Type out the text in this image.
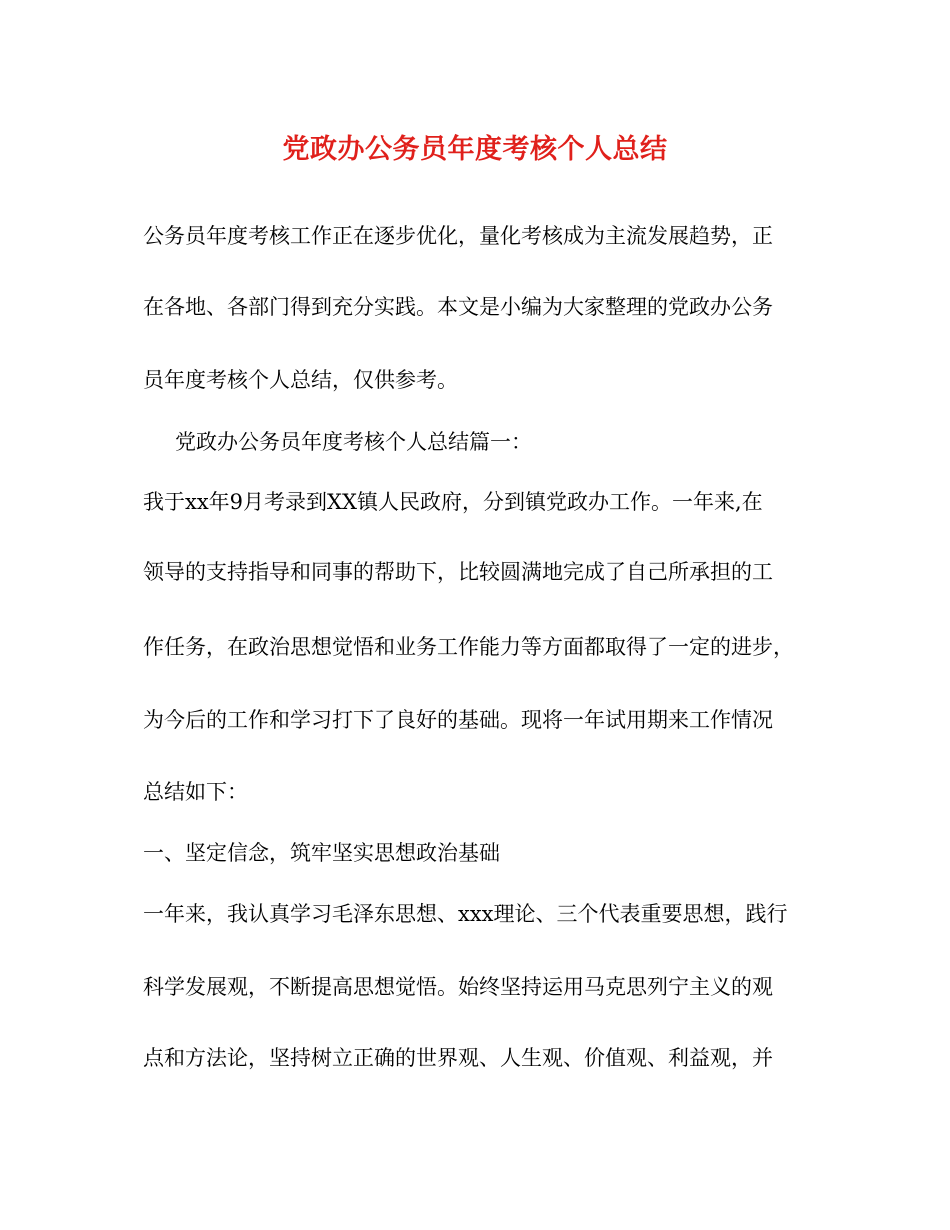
党政办公务员年度考核个人总结
公务员年度考核工作正在逐步优化，量化考核成为主流发展趋势，正
在各地、各部门得到充分实践。本文是小编为大家整理的党政办公务
员年度考核个人总结，仅供参考。
党政办公务员年度考核个人总结篇一：
我于xx年9月考录到XX镇人民政府，分到镇党政办工作。一年来,在
领导的支持指导和同事的帮助下，比较圆满地完成了自己所承担的工
作任务，在政治思想觉悟和业务工作能力等方面都取得了一定的进步，
为今后的工作和学习打下了良好的基础。现将一年试用期来工作情况
总结如下：
一、坚定信念，筑牢坚实思想政治基础
一年来，我认真学习毛泽东思想、xxx理论、三个代表重要思想，践行
科学发展观，不断提高思想觉悟。始终坚持运用马克思列宁主义的观
点和方法论，坚持树立正确的世界观、人生观、价值观、利益观，并
